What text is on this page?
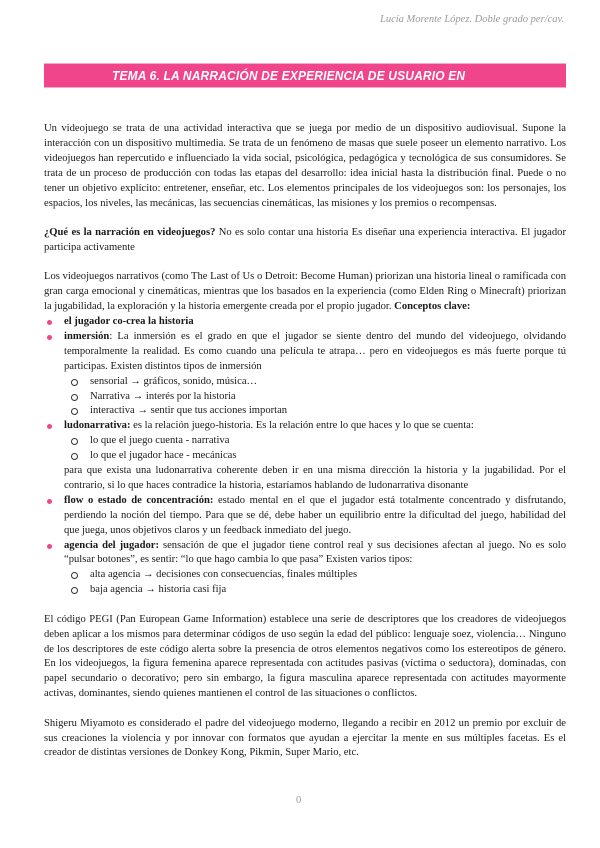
Lucía Morente López. Doble grado per/cav.
TEMA 6. LA NARRACIÓN DE EXPERIENCIA DE USUARIO EN VIDEOJUEGOS

Un videojuego se trata de una actividad interactiva que se juega por medio de un dispositivo audiovisual. Supone la interacción con un dispositivo multimedia. Se trata de un fenómeno de masas que suele poseer un elemento narrativo. Los videojuegos han repercutido e influenciado la vida social, psicológica, pedagógica y tecnológica de sus consumidores. Se trata de un proceso de producción con todas las etapas del desarrollo: idea inicial hasta la distribución final. Puede o no tener un objetivo explícito: entretener, enseñar, etc. Los elementos principales de los videojuegos son: los personajes, los espacios, los niveles, las mecánicas, las secuencias cinemáticas, las misiones y los premios o recompensas.

¿Qué es la narración en videojuegos? No es solo contar una historia Es diseñar una experiencia interactiva. El jugador participa activamente

Los videojuegos narrativos (como The Last of Us o Detroit: Become Human) priorizan una historia lineal o ramificada con gran carga emocional y cinemáticas, mientras que los basados en la experiencia (como Elden Ring o Minecraft) priorizan la jugabilidad, la exploración y la historia emergente creada por el propio jugador. Conceptos clave:

el jugador co-crea la historia
inmersión: La inmersión es el grado en que el jugador se siente dentro del mundo del videojuego, olvidando temporalmente la realidad. Es como cuando una película te atrapa… pero en videojuegos es más fuerte porque tú participas. Existen distintos tipos de inmersión
sensorial → gráficos, sonido, música…
Narrativa → interés por la historia
interactiva → sentir que tus acciones importan
ludonarrativa: es la relación juego-historia. Es la relación entre lo que haces y lo que se cuenta:
lo que el juego cuenta - narrativa
lo que el jugador hace - mecánicas

para que exista una ludonarrativa coherente deben ir en una misma dirección la historia y la jugabilidad. Por el contrario, si lo que haces contradice la historia, estaríamos hablando de ludonarrativa disonante

flow o estado de concentración: estado mental en el que el jugador está totalmente concentrado y disfrutando, perdiendo la noción del tiempo. Para que se dé, debe haber un equilibrio entre la dificultad del juego, habilidad del que juega, unos objetivos claros y un feedback inmediato del juego.
agencia del jugador: sensación de que el jugador tiene control real y sus decisiones afectan al juego. No es solo “pulsar botones”, es sentir: “lo que hago cambia lo que pasa” Existen varios tipos:
alta agencia → decisiones con consecuencias, finales múltiples
baja agencia → historia casi fija

El código PEGI (Pan European Game Information) establece una serie de descriptores que los creadores de videojuegos deben aplicar a los mismos para determinar códigos de uso según la edad del público: lenguaje soez, violencia… Ninguno de los descriptores de este código alerta sobre la presencia de otros elementos negativos como los estereotipos de género. En los videojuegos, la figura femenina aparece representada con actitudes pasivas (víctima o seductora), dominadas, con papel secundario o decorativo; pero sin embargo, la figura masculina aparece representada con actitudes mayormente activas, dominantes, siendo quienes mantienen el control de las situaciones o conflictos.

Shigeru Miyamoto es considerado el padre del videojuego moderno, llegando a recibir en 2012 un premio por excluir de sus creaciones la violencia y por innovar con formatos que ayudan a ejercitar la mente en sus múltiples facetas. Es el creador de distintas versiones de Donkey Kong, Pikmin, Super Mario, etc.

0
